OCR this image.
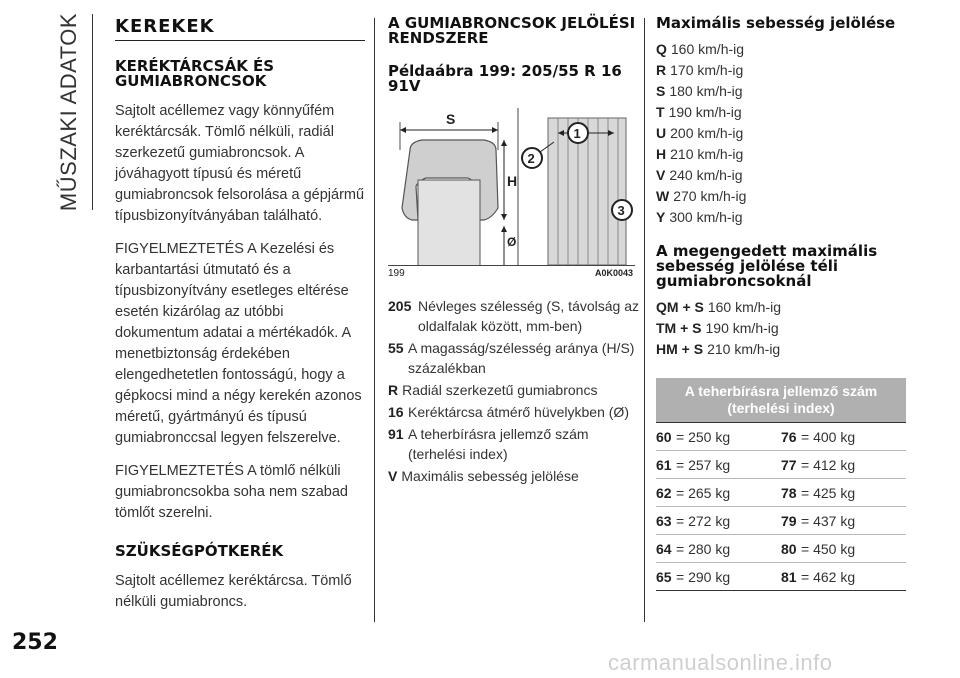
MŰSZAKI ADATOK
252
carmanualsonline.info
KEREKEK
KERÉKTÁRCSÁK ÉS GUMIABRONCSOK

Sajtolt acéllemez vagy könnyűfém keréktárcsák. Tömlő nélküli, radiál szerkezetű gumiabroncsok. A jóváhagyott típusú és méretű gumiabroncsok felsorolása a gépjármű típusbizonyítványában található.

FIGYELMEZTETÉS A Kezelési és karbantartási útmutató és a típusbizonyítvány esetleges eltérése esetén kizárólag az utóbbi dokumentum adatai a mértékadók. A menetbiztonság érdekében elengedhetetlen fontosságú, hogy a gépkocsi mind a négy kerekén azonos méretű, gyártmányú és típusú gumiabronccsal legyen felszerelve.

FIGYELMEZTETÉS A tömlő nélküli gumiabroncsokba soha nem szabad tömlőt szerelni.

SZÜKSÉGPÓTKERÉK

Sajtolt acéllemez keréktárcsa. Tömlő nélküli gumiabroncs.

A GUMIABRONCSOK JELÖLÉSI RENDSZERE
Példaábra 199: 205/55 R 16 91V
S
H
Ø
2
1
3
199	A0K0043
205 Névleges szélesség (S, távolság az oldalfalak között, mm-ben)
55 A magasság/szélesség aránya (H/S) százalékban
R Radiál szerkezetű gumiabroncs
16 Keréktárcsa átmérő hüvelykben (Ø)
91 A teherbírásra jellemző szám (terhelési index)
V Maximális sebesség jelölése
Maximális sebesség jelölése
Q 160 km/h-ig
R 170 km/h-ig
S 180 km/h-ig
T 190 km/h-ig
U 200 km/h-ig
H 210 km/h-ig
V 240 km/h-ig
W 270 km/h-ig
Y 300 km/h-ig
A megengedett maximális sebesség jelölése téli gumiabroncsoknál
QM + S 160 km/h-ig
TM + S 190 km/h-ig
HM + S 210 km/h-ig
A teherbírásra jellemző szám (terhelési index)			
60	= 250 kg	76	= 400 kg
61	= 257 kg	77	= 412 kg
62	= 265 kg	78	= 425 kg
63	= 272 kg	79	= 437 kg
64	= 280 kg	80	= 450 kg
65	= 290 kg	81	= 462 kg
